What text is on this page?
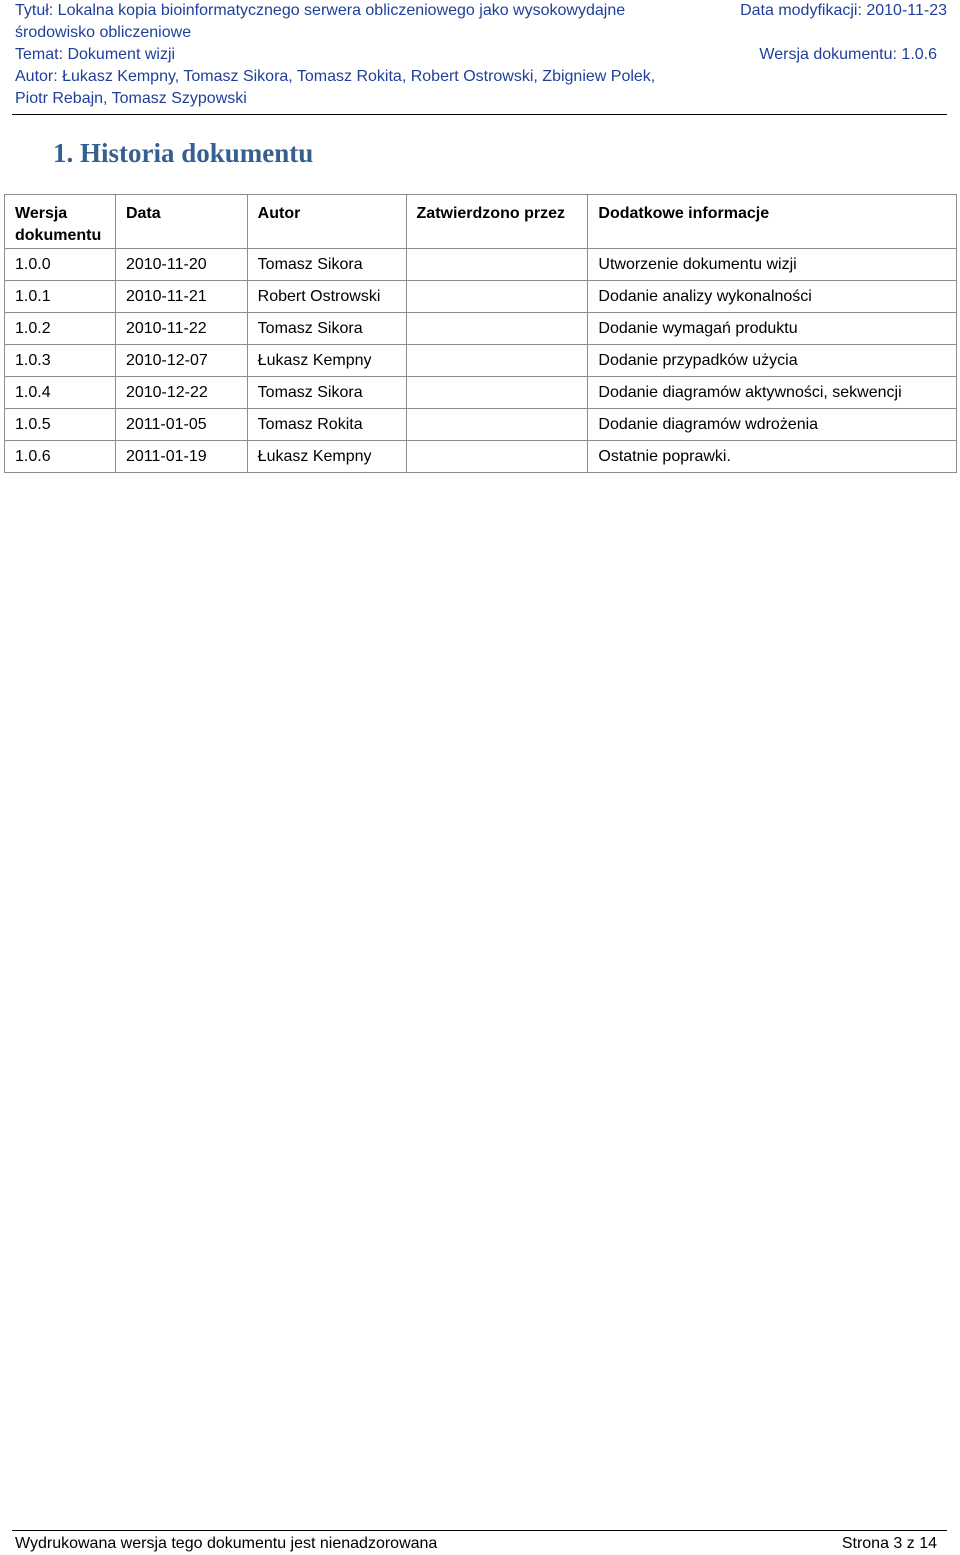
Tytuł: Lokalna kopia bioinformatycznego serwera obliczeniowego jako wysokowydajne	Data modyfikacji: 2010-11-23
środowisko obliczeniowe
Temat: Dokument wizji	Wersja dokumentu: 1.0.6
Autor: Łukasz Kempny, Tomasz Sikora, Tomasz Rokita, Robert Ostrowski, Zbigniew Polek,
Piotr Rebajn, Tomasz Szypowski
1. Historia dokumentu
Wersja dokumentu	Data	Autor	Zatwierdzono przez	Dodatkowe informacje
1.0.0	2010-11-20	Tomasz Sikora		Utworzenie dokumentu wizji
1.0.1	2010-11-21	Robert Ostrowski		Dodanie analizy wykonalności
1.0.2	2010-11-22	Tomasz Sikora		Dodanie wymagań produktu
1.0.3	2010-12-07	Łukasz Kempny		Dodanie przypadków użycia
1.0.4	2010-12-22	Tomasz Sikora		Dodanie diagramów aktywności, sekwencji
1.0.5	2011-01-05	Tomasz Rokita		Dodanie diagramów wdrożenia
1.0.6	2011-01-19	Łukasz Kempny		Ostatnie poprawki.
Wydrukowana wersja tego dokumentu jest nienadzorowana	Strona 3 z 14
